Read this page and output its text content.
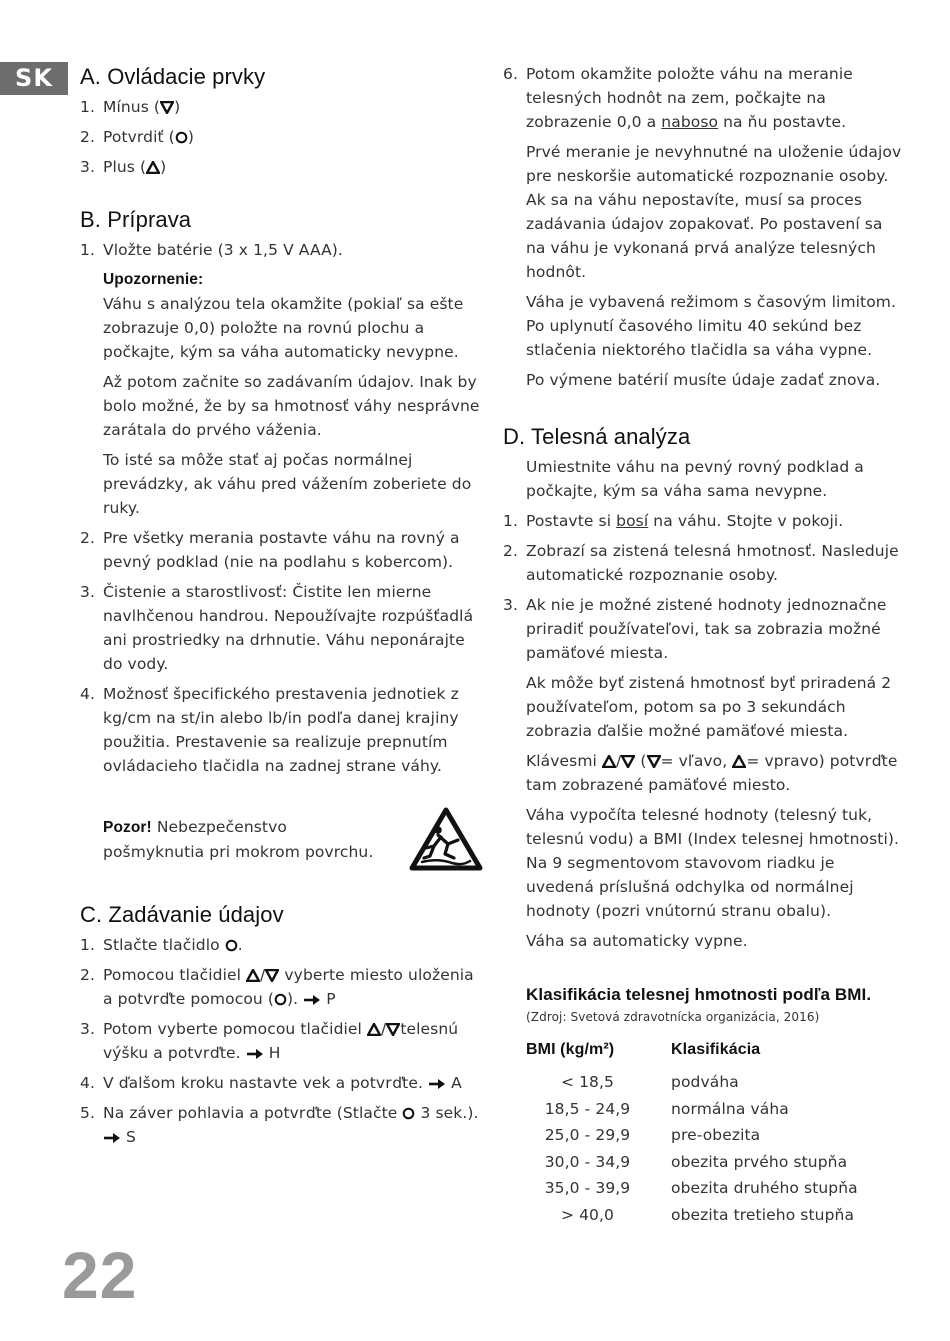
SK	A. Ovládacie prvky
1. Mínus ( )
2. Potvrdiť ( )
3. Plus ( )
B. Príprava
1. Vložte batérie (3 x 1,5 V AAA).
Upozornenie:
Váhu s analýzou tela okamžite (pokiaľ sa ešte zobrazuje 0,0) položte na rovnú plochu a počkajte, kým sa váha automaticky nevypne.
Až potom začnite so zadávaním údajov. Inak by bolo možné, že by sa hmotnosť váhy nesprávne zarátala do prvého váženia.
To isté sa môže stať aj počas normálnej prevádzky, ak váhu pred vážením zoberiete do ruky.
2. Pre všetky merania postavte váhu na rovný a pevný podklad (nie na podlahu s kobercom).
3. Čistenie a starostlivosť: Čistite len mierne navlhčenou handrou. Nepoužívajte rozpúšťadlá ani prostriedky na drhnutie. Váhu neponárajte do vody.
4. Možnosť špecifického prestavenia jednotiek z kg/cm na st/in alebo lb/in podľa danej krajiny použitia. Prestavenie sa realizuje prepnutím ovládacieho tlačidla na zadnej strane váhy.
Pozor! Nebezpečenstvo pošmyknutia pri mokrom povrchu.
C. Zadávanie údajov
1. Stlačte tlačidlo .
2. Pomocou tlačidiel / vyberte miesto uloženia a potvrďte pomocou ( ).  P
3. Potom vyberte pomocou tlačidiel / telesnú výšku a potvrďte. H
4. V ďalšom kroku nastavte vek a potvrďte. A
5. Na záver pohlavia a potvrďte (Stlačte 3 sek.).  S
6. Potom okamžite položte váhu na meranie telesných hodnôt na zem, počkajte na zobrazenie 0,0 a naboso na ňu postavte.
Prvé meranie je nevyhnutné na uloženie údajov pre neskoršie automatické rozpoznanie osoby. Ak sa na váhu nepostavíte, musí sa proces zadávania údajov zopakovať. Po postavení sa na váhu je vykonaná prvá analýze telesných hodnôt.
Váha je vybavená režimom s časovým limitom. Po uplynutí časového limitu 40 sekúnd bez stlačenia niektorého tlačidla sa váha vypne.
Po výmene batérií musíte údaje zadať znova.
D. Telesná analýza
Umiestnite váhu na pevný rovný podklad a počkajte, kým sa váha sama nevypne.
1. Postavte si bosí na váhu. Stojte v pokoji.
2. Zobrazí sa zistená telesná hmotnosť. Nasleduje automatické rozpoznanie osoby.
3. Ak nie je možné zistené hodnoty jednoznačne priradiť používateľovi, tak sa zobrazia možné pamäťové miesta.
Ak môže byť zistená hmotnosť byť priradená 2 používateľom, potom sa po 3 sekundách zobrazia ďalšie možné pamäťové miesta.
Klávesmi / ( = vľavo, = vpravo) potvrďte tam zobrazené pamäťové miesto.
Váha vypočíta telesné hodnoty (telesný tuk, telesnú vodu) a BMI (Index telesnej hmotnosti). Na 9 segmentovom stavovom riadku je uvedená príslušná odchylka od normálnej hodnoty (pozri vnútornú stranu obalu).
Váha sa automaticky vypne.
Klasifikácia telesnej hmotnosti podľa BMI.
(Zdroj: Svetová zdravotnícka organizácia, 2016)
BMI (kg/m²)	Klasifikácia
< 18,5	podváha
18,5 - 24,9	normálna váha
25,0 - 29,9	pre-obezita
30,0 - 34,9	obezita prvého stupňa
35,0 - 39,9	obezita druhého stupňa
> 40,0	obezita tretieho stupňa
22
